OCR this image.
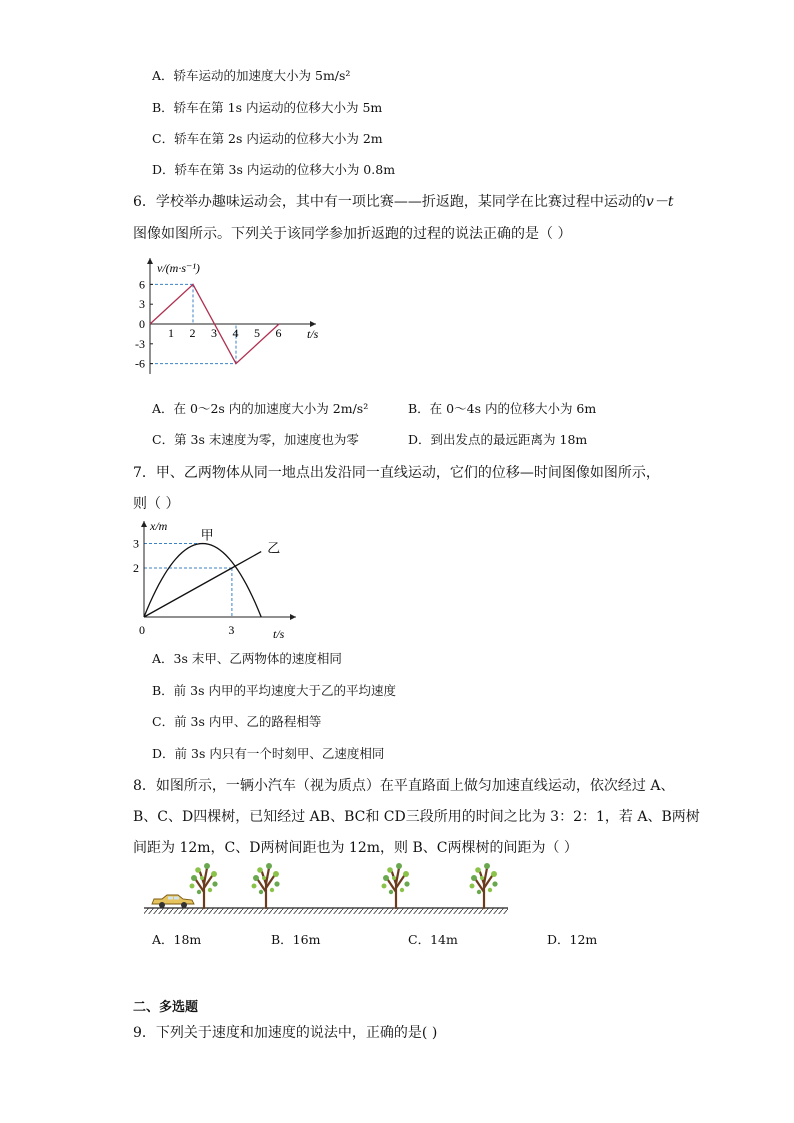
A．轿车运动的加速度大小为 5m/s²
B．轿车在第 1s 内运动的位移大小为 5m
C．轿车在第 2s 内运动的位移大小为 2m
D．轿车在第 3s 内运动的位移大小为 0.8m
6．学校举办趣味运动会，其中有一项比赛——折返跑，某同学在比赛过程中运动的v－t
图像如图所示。下列关于该同学参加折返跑的过程的说法正确的是（ ）
v/(m·s⁻¹)
t/s
1 2 3 4 5 6
6
3
0
-3
-6
A．在 0～2s 内的加速度大小为 2m/s²	B．在 0～4s 内的位移大小为 6m
C．第 3s 末速度为零，加速度也为零	D．到出发点的最远距离为 18m
7．甲、乙两物体从同一地点出发沿同一直线运动，它们的位移—时间图像如图所示，
则（ ）
x/m
t/s
0	3
2
3
甲
乙
A．3s 末甲、乙两物体的速度相同
B．前 3s 内甲的平均速度大于乙的平均速度
C．前 3s 内甲、乙的路程相等
D．前 3s 内只有一个时刻甲、乙速度相同
8．如图所示，一辆小汽车（视为质点）在平直路面上做匀加速直线运动，依次经过 A、
B、C、D四棵树，已知经过 AB、BC和 CD三段所用的时间之比为 3：2：1，若 A、B两树
间距为 12m，C、D两树间距也为 12m，则 B、C两棵树的间距为（ ）
A．18m	B．16m	C．14m	D．12m
二、多选题
9．下列关于速度和加速度的说法中，正确的是( )
